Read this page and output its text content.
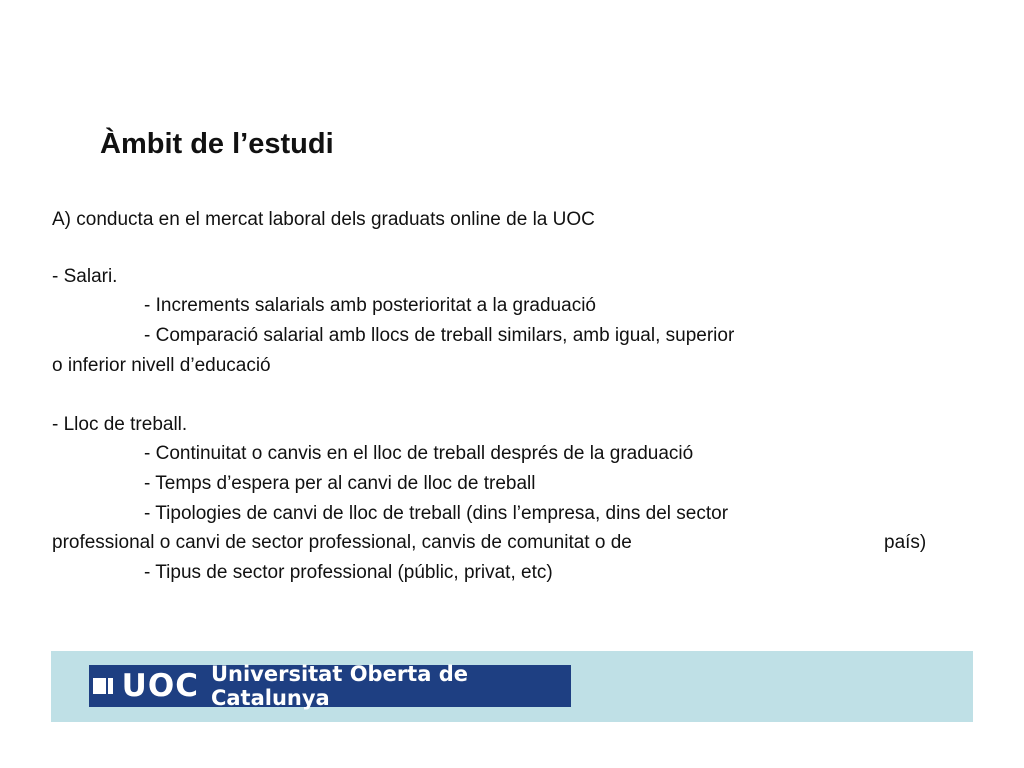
Àmbit de l’estudi

A) conducta en el mercat laboral dels graduats online de la UOC

- Salari.

- Increments salarials amb posterioritat a la graduació

- Comparació salarial amb llocs de treball similars, amb igual, superior

o inferior nivell d’educació

- Lloc de treball.

- Continuitat o canvis en el lloc de treball després de la graduació

- Temps d’espera per al canvi de lloc de treball

- Tipologies de canvi de lloc de treball (dins l’empresa, dins del sector

professional o canvi de sector professional, canvis de comunitat o de	país)

- Tipus de sector professional (públic, privat, etc)

UOC Universitat Oberta de Catalunya
